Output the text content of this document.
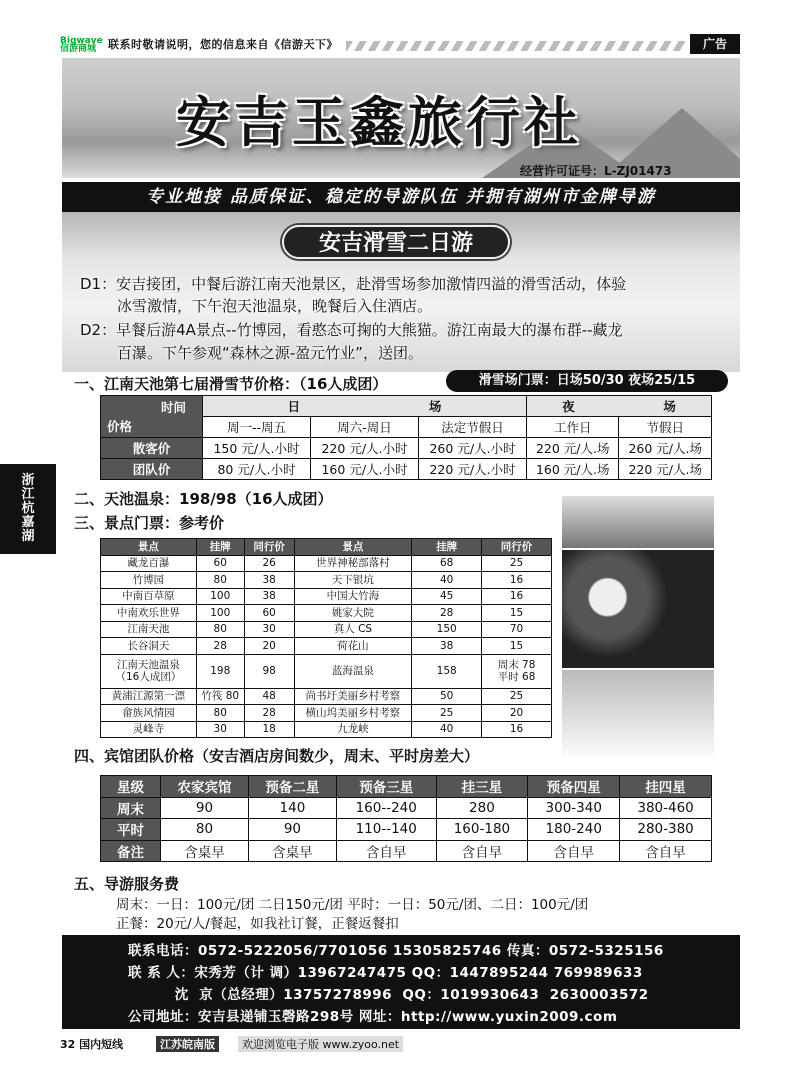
Bigwave 信游商城	联系时敬请说明，您的信息来自《信游天下》	广告
安吉玉鑫旅行社
经营许可证号：L-ZJ01473
专业地接 品质保证、稳定的导游队伍 并拥有湖州市金牌导游
安吉滑雪二日游
D1：安吉接团，中餐后游江南天池景区，赴滑雪场参加激情四溢的滑雪活动，体验
冰雪激情，下午泡天池温泉，晚餐后入住酒店。
D2：早餐后游4A景点--竹博园，看憨态可掬的大熊猫。游江南最大的瀑布群--藏龙
百瀑。下午参观“森林之源-盈元竹业”，送团。
一、江南天池第七届滑雪节价格：（16人成团）	滑雪场门票：日场50/30 夜场25/15
时间
价格	日 场			夜 场	
	周一--周五	周六-周日	法定节假日	工作日	节假日
散客价	150 元/人.小时	220 元/人.小时	260 元/人.小时	220 元/人.场	260 元/人.场
团队价	80 元/人.小时	160 元/人.小时	220 元/人.小时	160 元/人.场	220 元/人.场
浙江杭嘉湖
二、天池温泉：198/98（16人成团）
三、景点门票：参考价
景点	挂牌	同行价	景点	挂牌	同行价
藏龙百瀑	60	26	世界神秘部落村	68	25
竹博园	80	38	天下银坑	40	16
中南百草原	100	38	中国大竹海	45	16
中南欢乐世界	100	60	姚家大院	28	15
江南天池	80	30	真人 CS	150	70
长谷洞天	28	20	荷花山	38	15
江南天池温泉
（16人成团）	198	98	蓝海温泉	158	周末 78
平时 68
黄浦江源第一漂	竹筏 80	48	尚书圩美丽乡村考察	50	25
畲族风情园	80	28	横山坞美丽乡村考察	25	20
灵峰寺	30	18	九龙峡	40	16
四、宾馆团队价格（安吉酒店房间数少，周末、平时房差大）
星级	农家宾馆	预备二星	预备三星	挂三星	预备四星	挂四星
周末	90	140	160--240	280	300-340	380-460
平时	80	90	110--140	160-180	180-240	280-380
备注	含桌早	含桌早	含自早	含自早	含自早	含自早
五、导游服务费
周末：一日：100元/团 二日150元/团 平时：一日：50元/团、二日：100元/团
正餐：20元/人/餐起，如我社订餐，正餐返餐扣
联系电话：0572-5222056/7701056 15305825746 传真：0572-5325156
联 系 人：宋秀芳（计 调）13967247475 QQ：1447895244 769989633
沈  京（总经理）13757278996  QQ：1019930643  2630003572
公司地址：安吉县递铺玉磬路298号 网址：http://www.yuxin2009.com
32 国内短线	江苏皖南版	欢迎浏览电子版 www.zyoo.net
